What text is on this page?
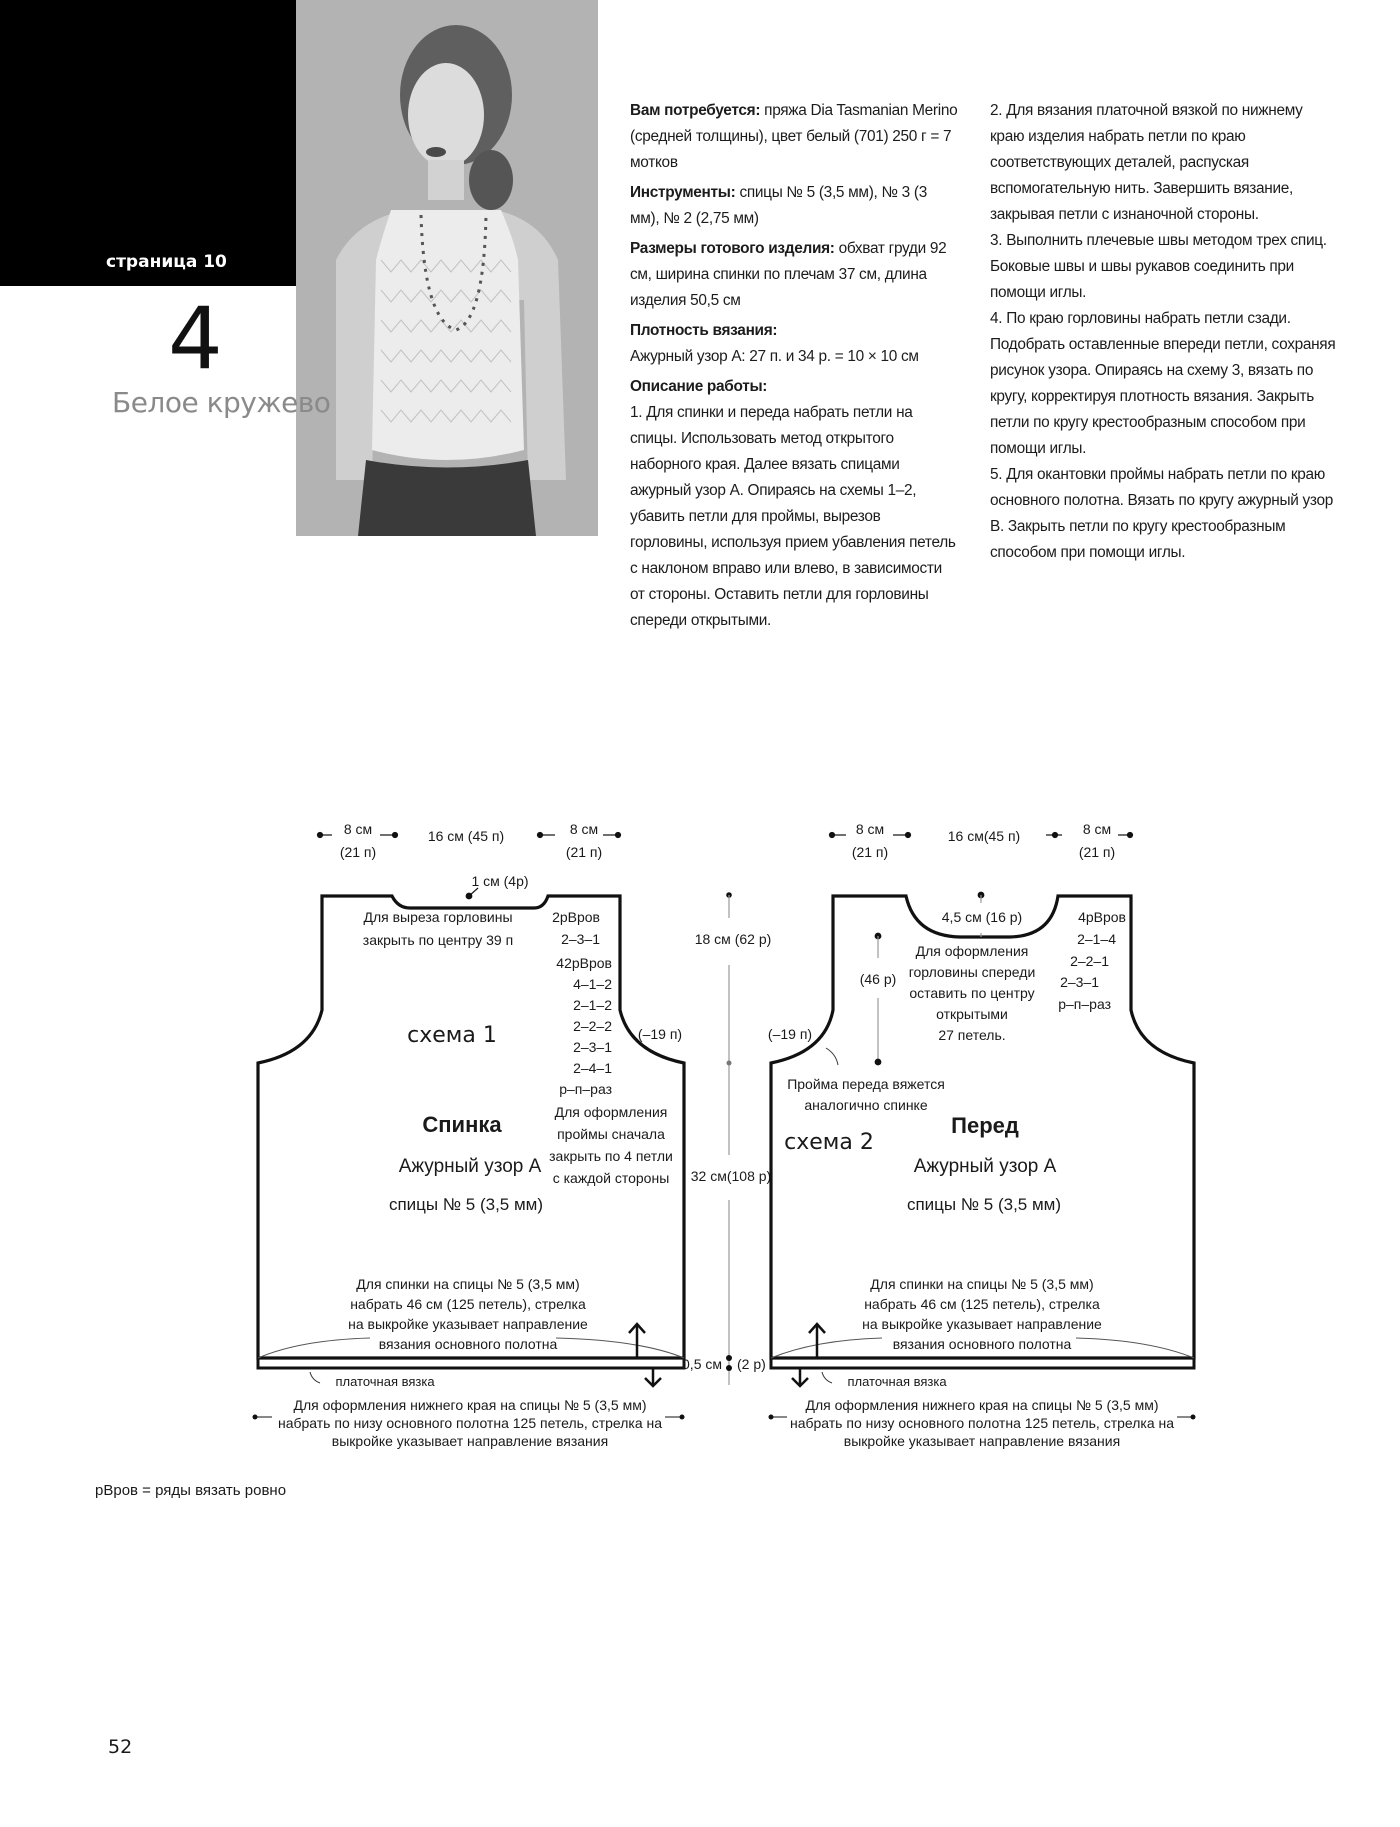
страница 10
4
Белое кружево

Вам потребуется: пряжа Dia Tasmanian Merino (средней толщины), цвет белый (701) 250 г = 7 мотков

Инструменты: спицы № 5 (3,5 мм), № 3 (3 мм), № 2 (2,75 мм)

Размеры готового изделия: обхват груди 92 см, ширина спинки по плечам 37 см, длина изделия 50,5 см

Плотность вязания:
Ажурный узор А: 27 п. и 34 р. = 10 × 10 см

Описание работы:
1. Для спинки и переда набрать петли на спицы. Использовать метод открытого наборного края. Далее вязать спицами ажурный узор А. Опираясь на схемы 1–2, убавить петли для проймы, вырезов горловины, используя прием убавления петель с наклоном вправо или влево, в зависимости от стороны. Оставить петли для горловины спереди открытыми.

2. Для вязания платочной вязкой по нижнему краю изделия набрать петли по краю соответствующих деталей, распуская вспомогательную нить. Завершить вязание, закрывая петли с изнаночной стороны.

3. Выполнить плечевые швы методом трех спиц. Боковые швы и швы рукавов соединить при помощи иглы.

4. По краю горловины набрать петли сзади. Подобрать оставленные впереди петли, сохраняя рисунок узора. Опираясь на схему 3, вязать по кругу, корректируя плотность вязания. Закрыть петли по кругу крестообразным способом при помощи иглы.

5. Для окантовки проймы набрать петли по краю основного полотна. Вязать по кругу ажурный узор В. Закрыть петли по кругу крестообразным способом при помощи иглы.

8 см
(21 п)
16 см (45 п)	8 см
(21 п)
1 см (4р)
Для выреза горловины
закрыть по центру 39 п
2рВров
2–3–1
42рВров
4–1–2
2–1–2
2–2–2
2–3–1
2–4–1
р–п–раз
(–19 п)
схема 1
Спинка
Ажурный узор А
спицы № 5 (3,5 мм)
Для оформления
проймы сначала
закрыть по 4 петли
с каждой стороны
Для спинки на спицы № 5 (3,5 мм)
набрать 46 см (125 петель), стрелка
на выкройке указывает направление
вязания основного полотна
платочная вязка
Для оформления нижнего края на спицы № 5 (3,5 мм)
набрать по низу основного полотна 125 петель, стрелка на
выкройке указывает направление вязания
18 см (62 р)
32 см(108 р)
0,5 см (2 р)
8 см
(21 п)
16 см(45 п)	8 см
(21 п)
4,5 см (16 р)
(46 р)
Для оформления
горловины спереди
оставить по центру
открытыми
27 петель.
4рВров
2–1–4
2–2–1
2–3–1
р–п–раз
(–19 п)
Пройма переда вяжется
аналогично спинке
схема 2
Перед
Ажурный узор А
спицы № 5 (3,5 мм)
Для спинки на спицы № 5 (3,5 мм)
набрать 46 см (125 петель), стрелка
на выкройке указывает направление
вязания основного полотна
платочная вязка
Для оформления нижнего края на спицы № 5 (3,5 мм)
набрать по низу основного полотна 125 петель, стрелка на
выкройке указывает направление вязания
рВров = ряды вязать ровно
52
